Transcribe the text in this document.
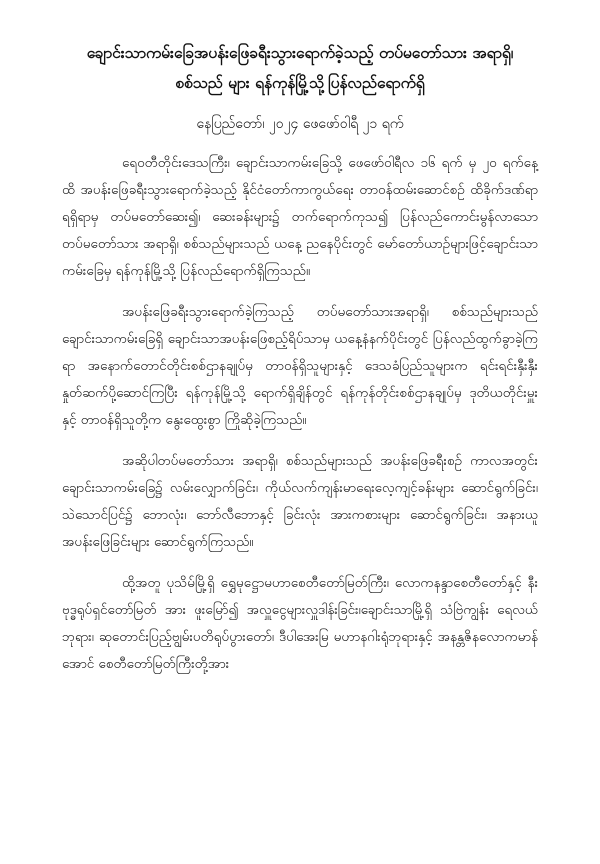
ချောင်းသာကမ်းခြေအပန်းဖြေခရီးသွားရောက်ခဲ့သည့် တပ်မတော်သား အရာရှိ၊
စစ်သည် များ ရန်ကုန်မြို့သို့ပြန်လည်ရောက်ရှိ

နေပြည်တော်၊ ၂၀၂၄ ဖေဖော်ဝါရီ ၂၁ ရက်

ရေဝတီတိုင်းဒေသကြီး၊ ချောင်းသာကမ်းခြေသို့ ဖေဖော်ဝါရီလ ၁၆ ရက် မှ ၂၀ ရက်နေ့ထိ အပန်းဖြေခရီးသွားရောက်ခဲ့သည့် နိုင်ငံတော်ကာကွယ်ရေး တာဝန်ထမ်းဆောင်စဉ် ထိခိုက်ဒဏ်ရာရရှိရာမှ တပ်မတော်ဆေး၍၊ ဆေးခန်းများ၌ တက်ရောက်ကုသ၍ ပြန်လည်ကောင်းမွန်လာသော တပ်မတော်သား အရာရှိ၊ စစ်သည်များသည် ယနေ့ ညနေပိုင်းတွင် မော်တော်ယာဉ်များဖြင့်ချောင်းသာကမ်းခြေမှ ရန်ကုန်မြို့သို့ ပြန်လည်ရောက်ရှိကြသည်။

အပန်းဖြေခရီးသွားရောက်ခဲ့ကြသည့် တပ်မတော်သားအရာရှိ၊ စစ်သည်များသည် ချောင်းသာကမ်းခြေရှိ ချောင်းသာအပန်းဖြေစည့်ရိပ်သာမှ ယနေ့နံနက်ပိုင်းတွင် ပြန်လည်ထွက်ခွာခဲ့ကြရာ အနောက်တောင်တိုင်းစစ်ဌာနချုပ်မှ တာဝန်ရှိသူများနှင့် ဒေသခံပြည်သူများက ရင်းရင်းနှီးနှီးနှုတ်ဆက်ပို့ဆောင်ကြပြီး ရန်ကုန်မြို့သို့ ရောက်ရှိချိန်တွင် ရန်ကုန်တိုင်းစစ်ဌာနချုပ်မှ ဒုတိယတိုင်းမှူးနှင့် တာဝန်ရှိသူတို့က နွေးထွေးစွာ ကြိုဆိုခဲ့ကြသည်။

အဆိုပါတပ်မတော်သား အရာရှိ၊ စစ်သည်များသည် အပန်းဖြေခရီးစဉ် ကာလအတွင်း ချောင်းသာကမ်းခြေ၌ လမ်းလျှောက်ခြင်း၊ ကိုယ်လက်ကျန်းမာရေးလေ့ကျင့်ခန်းများ ဆောင်ရွက်ခြင်း၊ သဲသောင်ပြင်၌ ဘောလုံး၊ ဘော်လီဘောနှင့် ခြင်းလုံး အားကစားများ ဆောင်ရွက်ခြင်း၊ အနားယူအပန်းဖြေခြင်းများ ဆောင်ရွက်ကြသည်။

ထို့အတူ ပုသိမ်မြို့ရှိ ရွှေမုဋ္ဌောမဟာစေတီတော်မြတ်ကြီး၊ လောကနန္ဒာစေတီတော်နှင့် နီးဗုဒ္ဓရုပ်ရှင်တော်မြတ် အား ဖူးမြော်၍ အလှူငွေများလှူဒါန်းခြင်း၊ချောင်းသာမြို့ရှိ သံဗြဲကျွန်း ရေလယ်ဘုရား၊ ဆုတောင်းပြည့်ဗျွမ်းပတိရုပ်ပွားတော်၊ ဒီပါအေးမြ မဟာနဂါးရုံဘုရားနှင့် အနန္တဇိနလောကမာန်အောင် စေတီတော်မြတ်ကြီးတို့အား
